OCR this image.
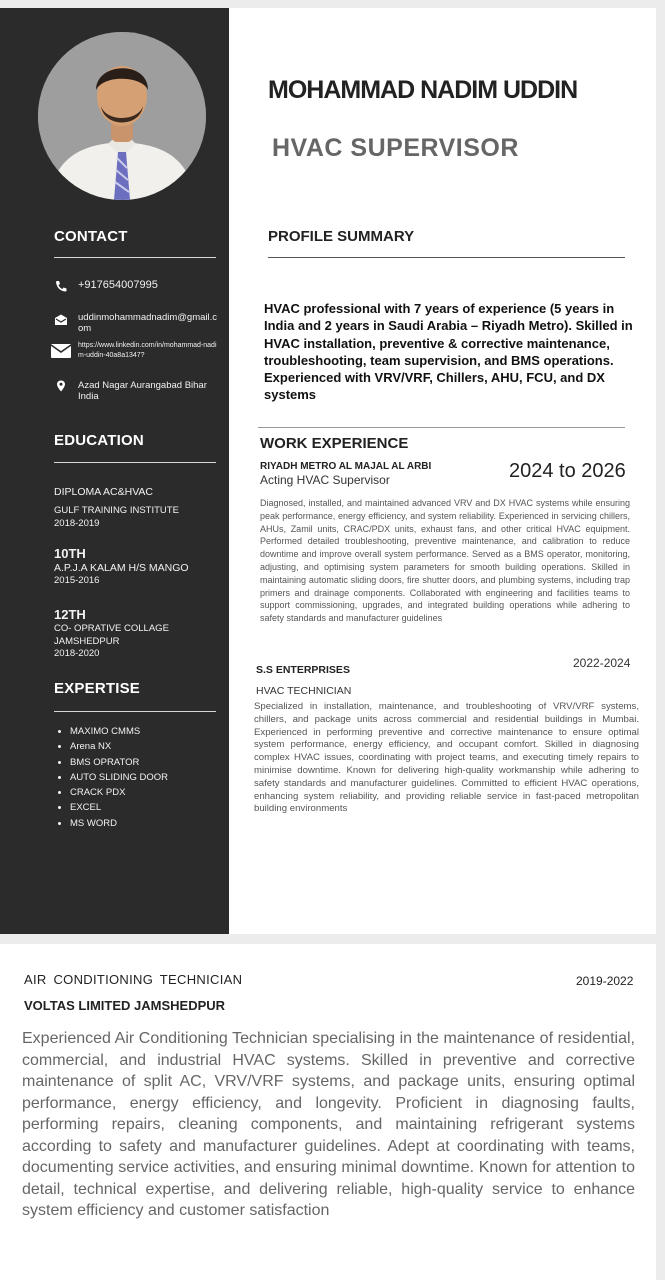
CONTACT
+917654007995
uddinmohammadnadim@gmail.com
https://www.linkedin.com/in/mohammad-nadim-uddin-40a8a1347?
Azad Nagar Aurangabad Bihar India
EDUCATION
DIPLOMA AC&HVAC
GULF TRAINING INSTITUTE
2018-2019
10TH
A.P.J.A KALAM H/S MANGO
2015-2016
12TH
CO- OPRATIVE COLLAGE JAMSHEDPUR
2018-2020
EXPERTISE
• MAXIMO CMMS
• Arena NX
• BMS OPRATOR
• AUTO SLIDING DOOR
• CRACK PDX
• EXCEL
• MS WORD
MOHAMMAD NADIM UDDIN
HVAC SUPERVISOR
PROFILE SUMMARY

HVAC professional with 7 years of experience (5 years in India and 2 years in Saudi Arabia – Riyadh Metro). Skilled in HVAC installation, preventive & corrective maintenance, troubleshooting, team supervision, and BMS operations. Experienced with VRV/VRF, Chillers, AHU, FCU, and DX systems

WORK EXPERIENCE
RIYADH METRO AL MAJAL AL ARBI	2024 to 2026
Acting HVAC Supervisor

Diagnosed, installed, and maintained advanced VRV and DX HVAC systems while ensuring peak performance, energy efficiency, and system reliability. Experienced in servicing chillers, AHUs, Zamil units, CRAC/PDX units, exhaust fans, and other critical HVAC equipment. Performed detailed troubleshooting, preventive maintenance, and calibration to reduce downtime and improve overall system performance. Served as a BMS operator, monitoring, adjusting, and optimising system parameters for smooth building operations. Skilled in maintaining automatic sliding doors, fire shutter doors, and plumbing systems, including trap primers and drainage components. Collaborated with engineering and facilities teams to support commissioning, upgrades, and integrated building operations while adhering to safety standards and manufacturer guidelines

S.S ENTERPRISES	2022-2024
HVAC TECHNICIAN

Specialized in installation, maintenance, and troubleshooting of VRV/VRF systems, chillers, and package units across commercial and residential buildings in Mumbai. Experienced in performing preventive and corrective maintenance to ensure optimal system performance, energy efficiency, and occupant comfort. Skilled in diagnosing complex HVAC issues, coordinating with project teams, and executing timely repairs to minimise downtime. Known for delivering high-quality workmanship while adhering to safety standards and manufacturer guidelines. Committed to efficient HVAC operations, enhancing system reliability, and providing reliable service in fast-paced metropolitan building environments

AIR CONDITIONING TECHNICIAN	2019-2022
VOLTAS LIMITED JAMSHEDPUR

Experienced Air Conditioning Technician specialising in the maintenance of residential, commercial, and industrial HVAC systems. Skilled in preventive and corrective maintenance of split AC, VRV/VRF systems, and package units, ensuring optimal performance, energy efficiency, and longevity. Proficient in diagnosing faults, performing repairs, cleaning components, and maintaining refrigerant systems according to safety and manufacturer guidelines. Adept at coordinating with teams, documenting service activities, and ensuring minimal downtime. Known for attention to detail, technical expertise, and delivering reliable, high-quality service to enhance system efficiency and customer satisfaction
